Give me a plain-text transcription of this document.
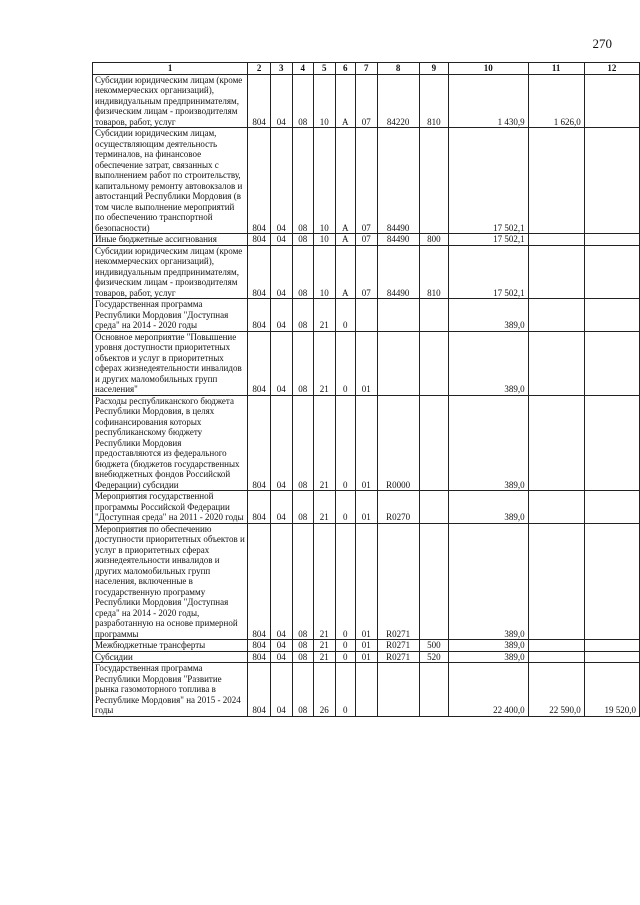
270
1	2	3	4	5	6	7	8	9	10	11	12
Субсидии юридическим лицам (кроме некоммерческих организаций), индивидуальным предпринимателям, физическим лицам - производителям товаров, работ, услуг	804	04	08	10	А	07	84220	810	1 430,9	1 626,0	
Субсидии юридическим лицам, осуществляющим деятельность терминалов, на финансовое обеспечение затрат, связанных с выполнением работ по строительству, капитальному ремонту автовокзалов и автостанций Республики Мордовия (в том числе выполнение мероприятий по обеспечению транспортной безопасности)	804	04	08	10	А	07	84490		17 502,1		
Иные бюджетные ассигнования	804	04	08	10	А	07	84490	800	17 502,1		
Субсидии юридическим лицам (кроме некоммерческих организаций), индивидуальным предпринимателям, физическим лицам - производителям товаров, работ, услуг	804	04	08	10	А	07	84490	810	17 502,1		
Государственная программа Республики Мордовия "Доступная среда" на 2014 - 2020 годы	804	04	08	21	0				389,0		
Основное мероприятие "Повышение уровня доступности приоритетных объектов и услуг в приоритетных сферах жизнедеятельности инвалидов и других маломобильных групп населения"	804	04	08	21	0	01			389,0		
Расходы республиканского бюджета Республики Мордовия, в целях софинансирования которых республиканскому бюджету Республики Мордовия предоставляются из федерального бюджета (бюджетов государственных внебюджетных фондов Российской Федерации) субсидии	804	04	08	21	0	01	R0000		389,0		
Мероприятия государственной программы Российской Федерации "Доступная среда" на 2011 - 2020 годы	804	04	08	21	0	01	R0270		389,0		
Мероприятия по обеспечению доступности приоритетных объектов и услуг в приоритетных сферах жизнедеятельности инвалидов и других маломобильных групп населения, включенные в государственную программу Республики Мордовия "Доступная среда" на 2014 - 2020 годы, разработанную на основе примерной программы	804	04	08	21	0	01	R0271		389,0		
Межбюджетные трансферты	804	04	08	21	0	01	R0271	500	389,0		
Субсидии	804	04	08	21	0	01	R0271	520	389,0		
Государственная программа Республики Мордовия "Развитие рынка газомоторного топлива в Республике Мордовия" на 2015 - 2024 годы	804	04	08	26	0				22 400,0	22 590,0	19 520,0
